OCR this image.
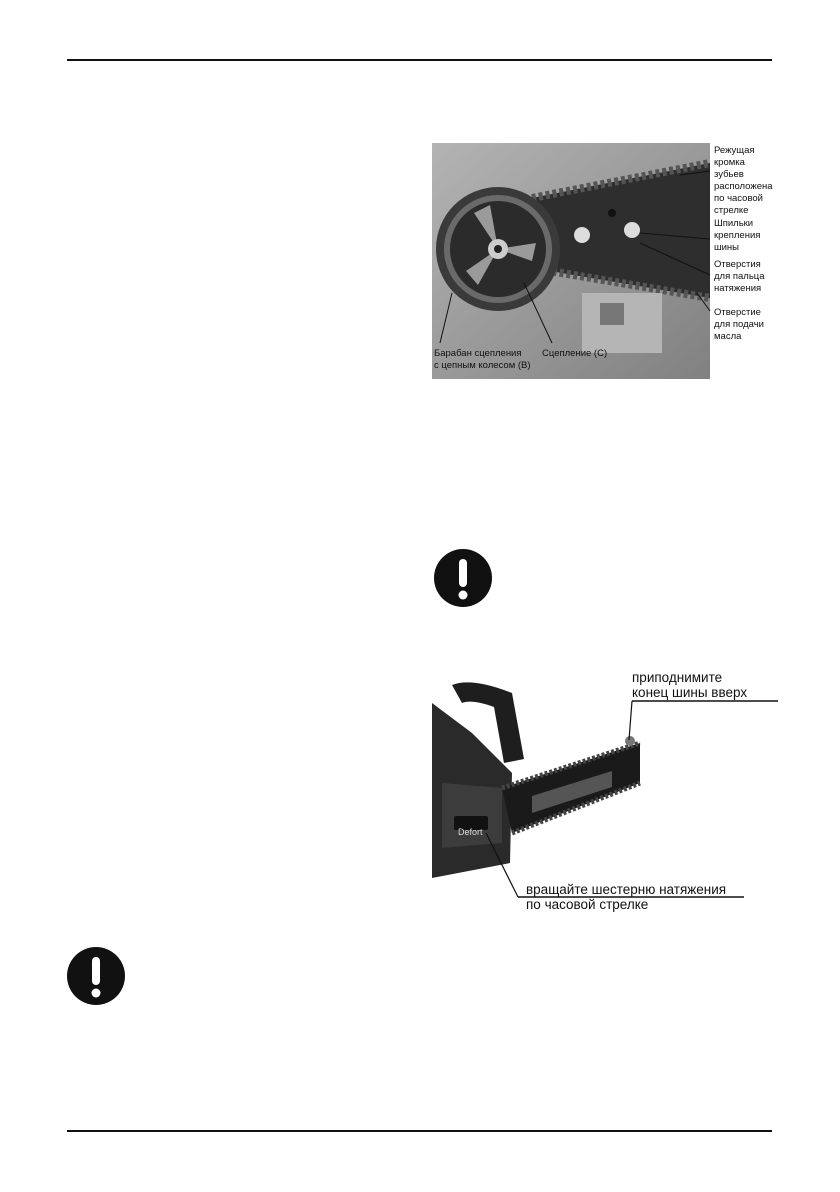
Режущая
кромка зубьев
расположена
по часовой
стрелке
Шпильки
крепления
шины
Отверстия
для пальца
натяжения
Отверстие
для подачи
масла
Барабан сцепления
с цепным колесом (B)
Сцепление (C)
приподнимите
конец шины вверх
Defort
вращайте шестерню натяжения
по часовой стрелке
